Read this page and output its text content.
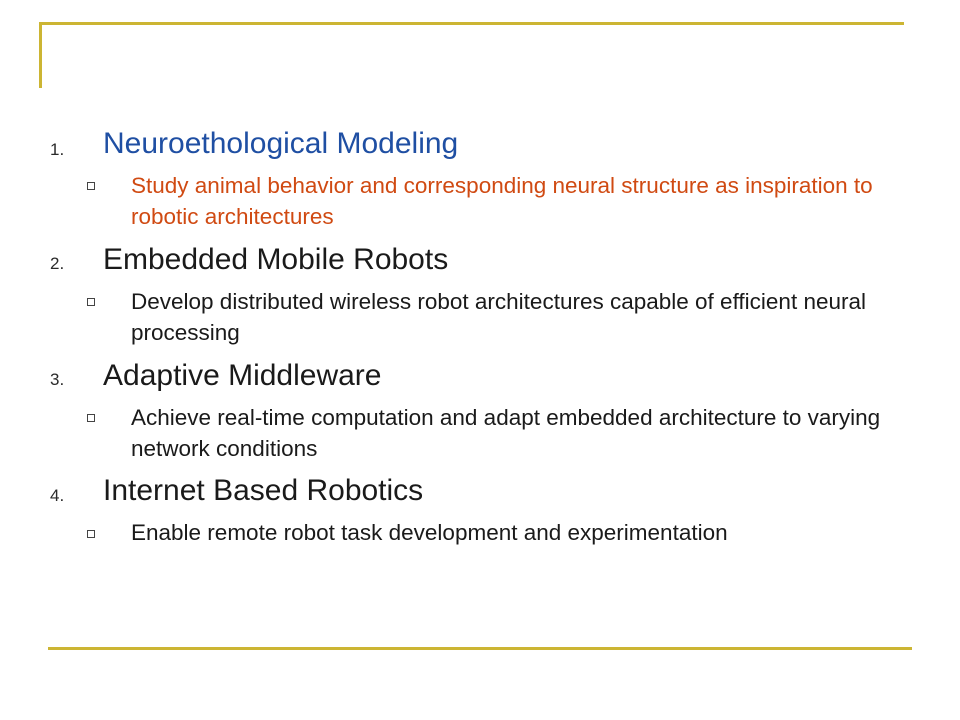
1.	Neuroethological Modeling
Study animal behavior and corresponding neural structure as inspiration to robotic architectures
2.	Embedded Mobile Robots
Develop distributed wireless robot architectures capable of efficient neural processing
3.	Adaptive Middleware
Achieve real-time computation and adapt embedded architecture to varying network conditions
4.	Internet Based Robotics
Enable remote robot task development and experimentation
